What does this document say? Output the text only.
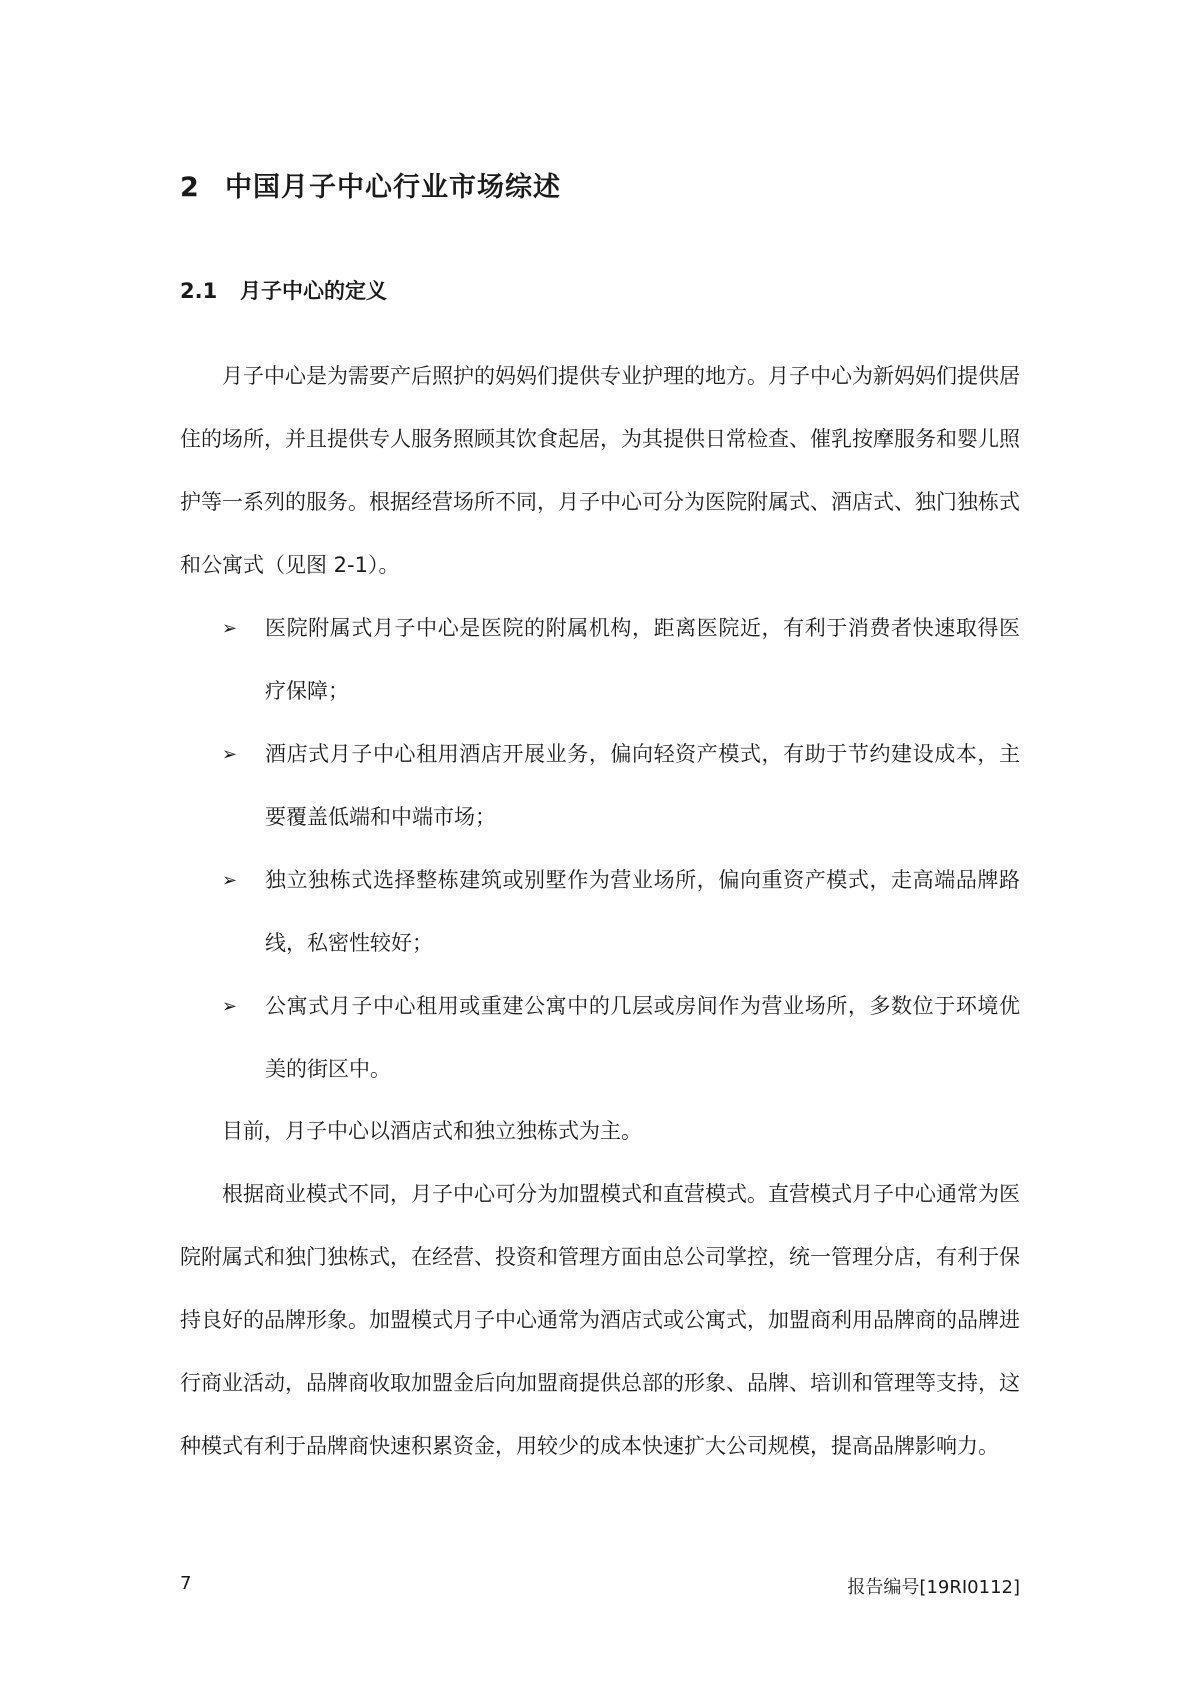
2 中国月子中心行业市场综述
2.1 月子中心的定义
月子中心是为需要产后照护的妈妈们提供专业护理的地方。月子中心为新妈妈们提供居住的场所，并且提供专人服务照顾其饮食起居，为其提供日常检查、催乳按摩服务和婴儿照护等一系列的服务。根据经营场所不同，月子中心可分为医院附属式、酒店式、独门独栋式和公寓式（见图 2-1）。
➢ 医院附属式月子中心是医院的附属机构，距离医院近，有利于消费者快速取得医疗保障；
➢ 酒店式月子中心租用酒店开展业务，偏向轻资产模式，有助于节约建设成本，主要覆盖低端和中端市场；
➢ 独立独栋式选择整栋建筑或别墅作为营业场所，偏向重资产模式，走高端品牌路线，私密性较好；
➢ 公寓式月子中心租用或重建公寓中的几层或房间作为营业场所，多数位于环境优美的街区中。
目前，月子中心以酒店式和独立独栋式为主。
根据商业模式不同，月子中心可分为加盟模式和直营模式。直营模式月子中心通常为医院附属式和独门独栋式，在经营、投资和管理方面由总公司掌控，统一管理分店，有利于保持良好的品牌形象。加盟模式月子中心通常为酒店式或公寓式，加盟商利用品牌商的品牌进行商业活动，品牌商收取加盟金后向加盟商提供总部的形象、品牌、培训和管理等支持，这种模式有利于品牌商快速积累资金，用较少的成本快速扩大公司规模，提高品牌影响力。
7	报告编号[19RI0112]
